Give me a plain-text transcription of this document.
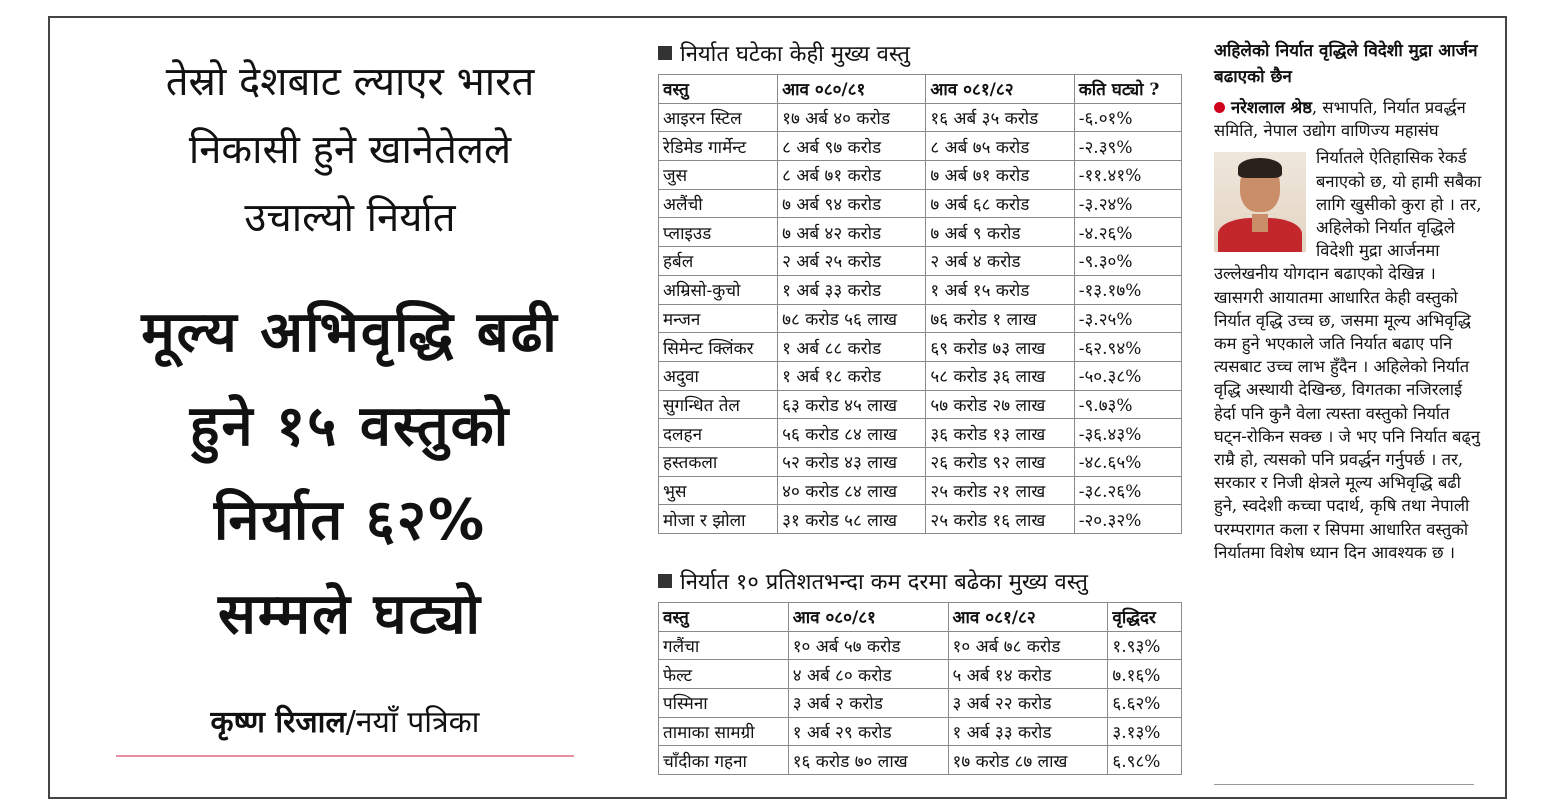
तेस्रो देशबाट ल्याएर भारत
निकासी हुने खानेतेलले
उचाल्यो निर्यात
मूल्य अभिवृद्धि बढी
हुने १५ वस्तुको
निर्यात ६२%
सम्मले घट्यो
कृष्ण रिजाल/नयाँ पत्रिका
निर्यात घटेका केही मुख्य वस्तु
वस्तु	आव ०८०/८१	आव ०८१/८२	कति घट्यो ?
आइरन स्टिल	१७ अर्ब ४० करोड	१६ अर्ब ३५ करोड	-६.०१%
रेडिमेड गार्मेन्ट	८ अर्ब ९७ करोड	८ अर्ब ७५ करोड	-२.३९%
जुस	८ अर्ब ७१ करोड	७ अर्ब ७१ करोड	-११.४१%
अलैंची	७ अर्ब ९४ करोड	७ अर्ब ६८ करोड	-३.२४%
प्लाइउड	७ अर्ब ४२ करोड	७ अर्ब ९ करोड	-४.२६%
हर्बल	२ अर्ब २५ करोड	२ अर्ब ४ करोड	-९.३०%
अम्रिसो-कुचो	१ अर्ब ३३ करोड	१ अर्ब १५ करोड	-१३.१७%
मन्जन	७८ करोड ५६ लाख	७६ करोड १ लाख	-३.२५%
सिमेन्ट क्लिंकर	१ अर्ब ८८ करोड	६९ करोड ७३ लाख	-६२.९४%
अदुवा	१ अर्ब १८ करोड	५८ करोड ३६ लाख	-५०.३८%
सुगन्धित तेल	६३ करोड ४५ लाख	५७ करोड २७ लाख	-९.७३%
दलहन	५६ करोड ८४ लाख	३६ करोड १३ लाख	-३६.४३%
हस्तकला	५२ करोड ४३ लाख	२६ करोड ९२ लाख	-४८.६५%
भुस	४० करोड ८४ लाख	२५ करोड २१ लाख	-३८.२६%
मोजा र झोला	३१ करोड ५८ लाख	२५ करोड १६ लाख	-२०.३२%
निर्यात १० प्रतिशतभन्दा कम दरमा बढेका मुख्य वस्तु
वस्तु	आव ०८०/८१	आव ०८१/८२	वृद्धिदर
गलैंचा	१० अर्ब ५७ करोड	१० अर्ब ७८ करोड	१.९३%
फेल्ट	४ अर्ब ८० करोड	५ अर्ब १४ करोड	७.१६%
पस्मिना	३ अर्ब २ करोड	३ अर्ब २२ करोड	६.६२%
तामाका सामग्री	१ अर्ब २९ करोड	१ अर्ब ३३ करोड	३.१३%
चाँदीका गहना	१६ करोड ७० लाख	१७ करोड ८७ लाख	६.९८%
अहिलेको निर्यात वृद्धिले विदेशी मुद्रा आर्जन बढाएको छैन
नरेशलाल श्रेष्ठ, सभापति, निर्यात प्रवर्द्धन समिति, नेपाल उद्योग वाणिज्य महासंघ
निर्यातले ऐतिहासिक रेकर्ड बनाएको छ, यो हामी सबैका लागि खुसीको कुरा हो । तर, अहिलेको निर्यात वृद्धिले विदेशी मुद्रा आर्जनमा उल्लेखनीय योगदान बढाएको देखिन्न । खासगरी आयातमा आधारित केही वस्तुको निर्यात वृद्धि उच्च छ, जसमा मूल्य अभिवृद्धि कम हुने भएकाले जति निर्यात बढाए पनि त्यसबाट उच्च लाभ हुँदैन । अहिलेको निर्यात वृद्धि अस्थायी देखिन्छ, विगतका नजिरलाई हेर्दा पनि कुनै वेला त्यस्ता वस्तुको निर्यात घट्न-रोकिन सक्छ । जे भए पनि निर्यात बढ्नु राम्रै हो, त्यसको पनि प्रवर्द्धन गर्नुपर्छ । तर, सरकार र निजी क्षेत्रले मूल्य अभिवृद्धि बढी हुने, स्वदेशी कच्चा पदार्थ, कृषि तथा नेपाली परम्परागत कला र सिपमा आधारित वस्तुको निर्यातमा विशेष ध्यान दिन आवश्यक छ ।
